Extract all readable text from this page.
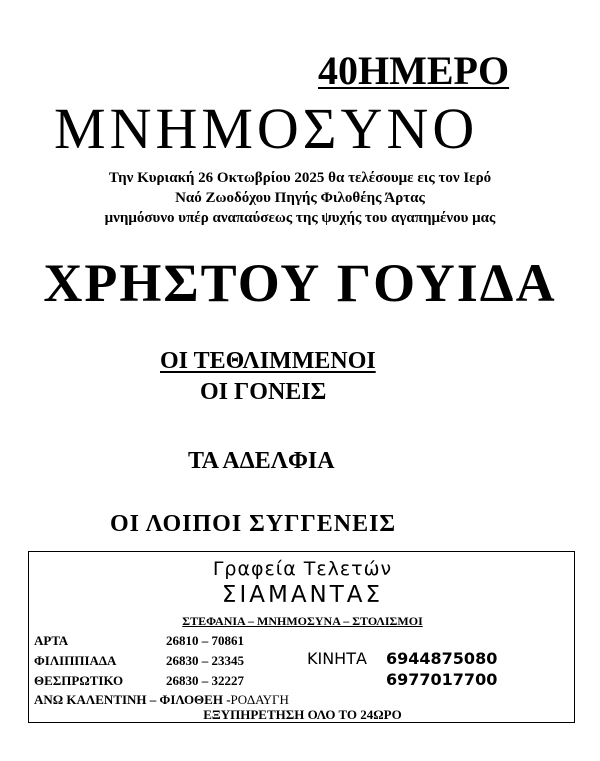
40ΗΜΕΡΟ
ΜΝΗΜΟΣΥΝΟ
Την Κυριακή 26 Οκτωβρίου 2025 θα τελέσουμε εις τον Ιερό
Ναό Ζωοδόχου Πηγής Φιλοθέης Άρτας
μνημόσυνο υπέρ αναπαύσεως της ψυχής του αγαπημένου μας
ΧΡΗΣΤΟΥ ΓΟΥΙΔΑ
ΟΙ ΤΕΘΛΙΜΜΕΝΟΙ
ΟΙ ΓΟΝΕΙΣ
ΤΑ ΑΔΕΛΦΙΑ
ΟΙ ΛΟΙΠΟΙ ΣΥΓΓΕΝΕΙΣ
Γραφεία Τελετών
ΣΙΑΜΑΝΤΑΣ
ΣΤΕΦΑΝΙΑ – ΜΝΗΜΟΣΥΝΑ – ΣΤΟΛΙΣΜΟΙ
ΑΡΤΑ	26810 – 70861
ΦΙΛΙΠΠΙΑΔΑ	26830 – 23345
ΘΕΣΠΡΩΤΙΚΟ	26830 – 32227
ΚΙΝΗΤΑ 6944875080
6977017700
ΑΝΩ ΚΑΛΕΝΤΙΝΗ – ΦΙΛΟΘΕΗ -ΡΟΔΑΥΓΗ
ΕΞΥΠΗΡΕΤΗΣΗ ΟΛΟ ΤΟ 24ΩΡΟ
